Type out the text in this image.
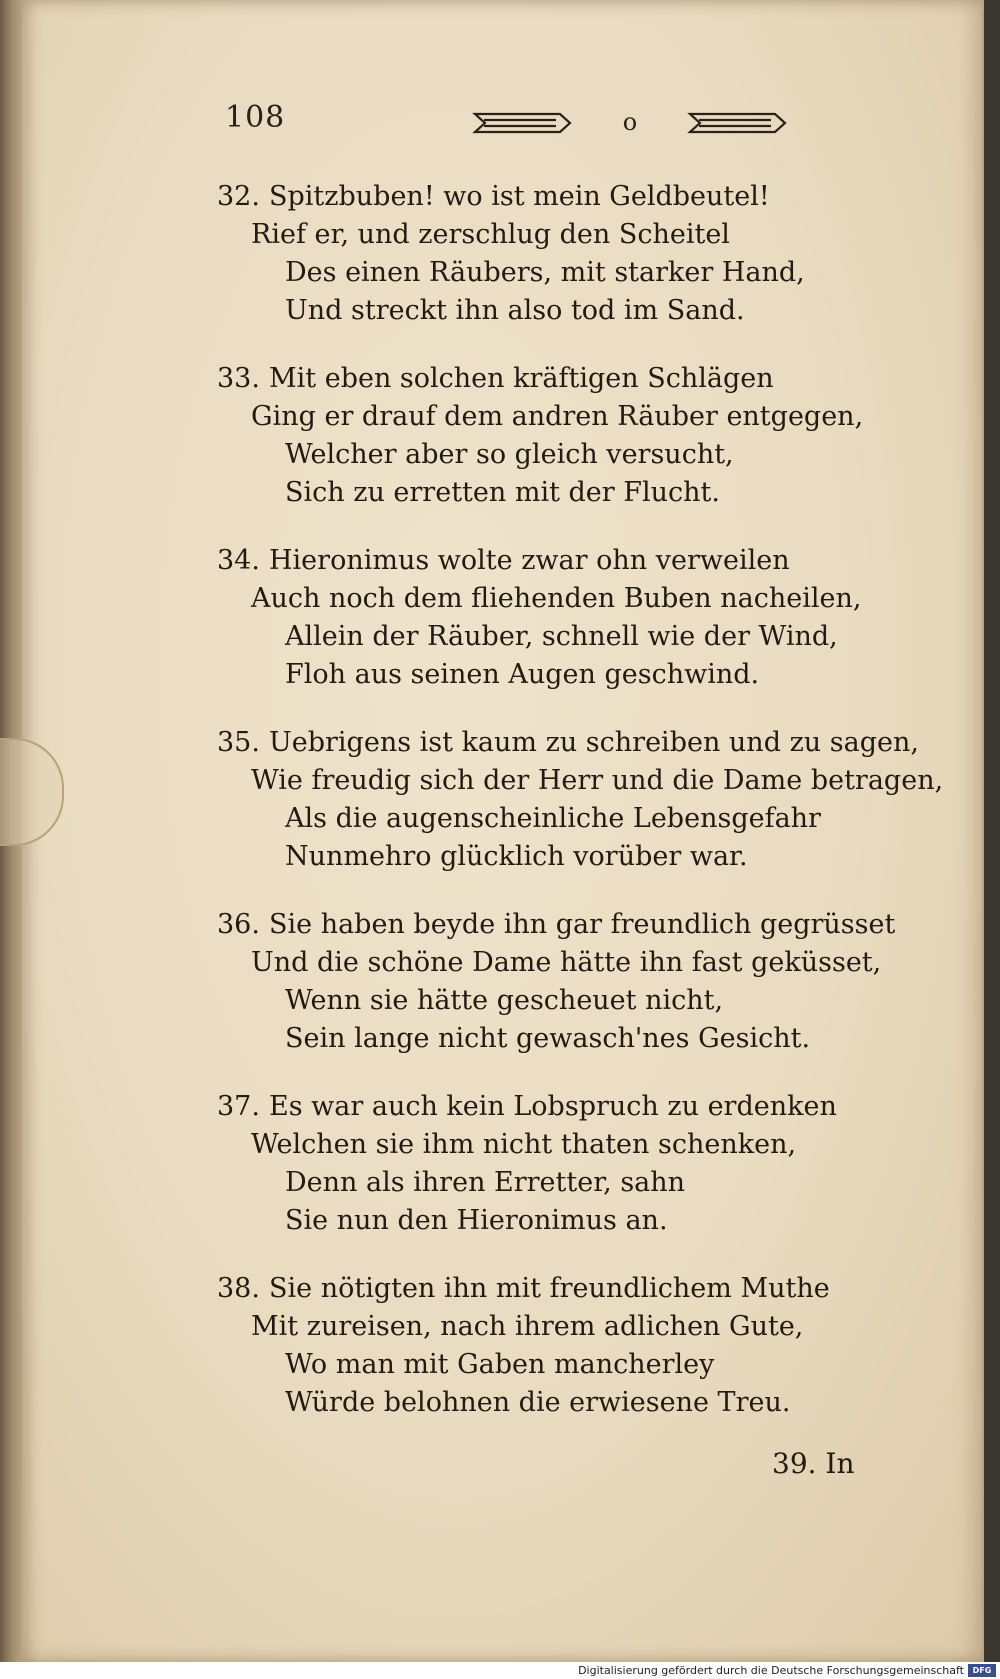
108	o
32. Spitzbuben! wo ist mein Geldbeutel!
Rief er, und zerschlug den Scheitel
Des einen Räubers, mit starker Hand,
Und streckt ihn also tod im Sand.
33. Mit eben solchen kräftigen Schlägen
Ging er drauf dem andren Räuber entgegen,
Welcher aber so gleich versucht,
Sich zu erretten mit der Flucht.
34. Hieronimus wolte zwar ohn verweilen
Auch noch dem fliehenden Buben nacheilen,
Allein der Räuber, schnell wie der Wind,
Floh aus seinen Augen geschwind.
35. Uebrigens ist kaum zu schreiben und zu sagen,
Wie freudig sich der Herr und die Dame betragen,
Als die augenscheinliche Lebensgefahr
Nunmehro glücklich vorüber war.
36. Sie haben beyde ihn gar freundlich gegrüsset
Und die schöne Dame hätte ihn fast geküsset,
Wenn sie hätte gescheuet nicht,
Sein lange nicht gewasch'nes Gesicht.
37. Es war auch kein Lobspruch zu erdenken
Welchen sie ihm nicht thaten schenken,
Denn als ihren Erretter, sahn
Sie nun den Hieronimus an.
38. Sie nötigten ihn mit freundlichem Muthe
Mit zureisen, nach ihrem adlichen Gute,
Wo man mit Gaben mancherley
Würde belohnen die erwiesene Treu.
39. In
Digitalisierung gefördert durch die Deutsche Forschungsgemeinschaft	DFG
